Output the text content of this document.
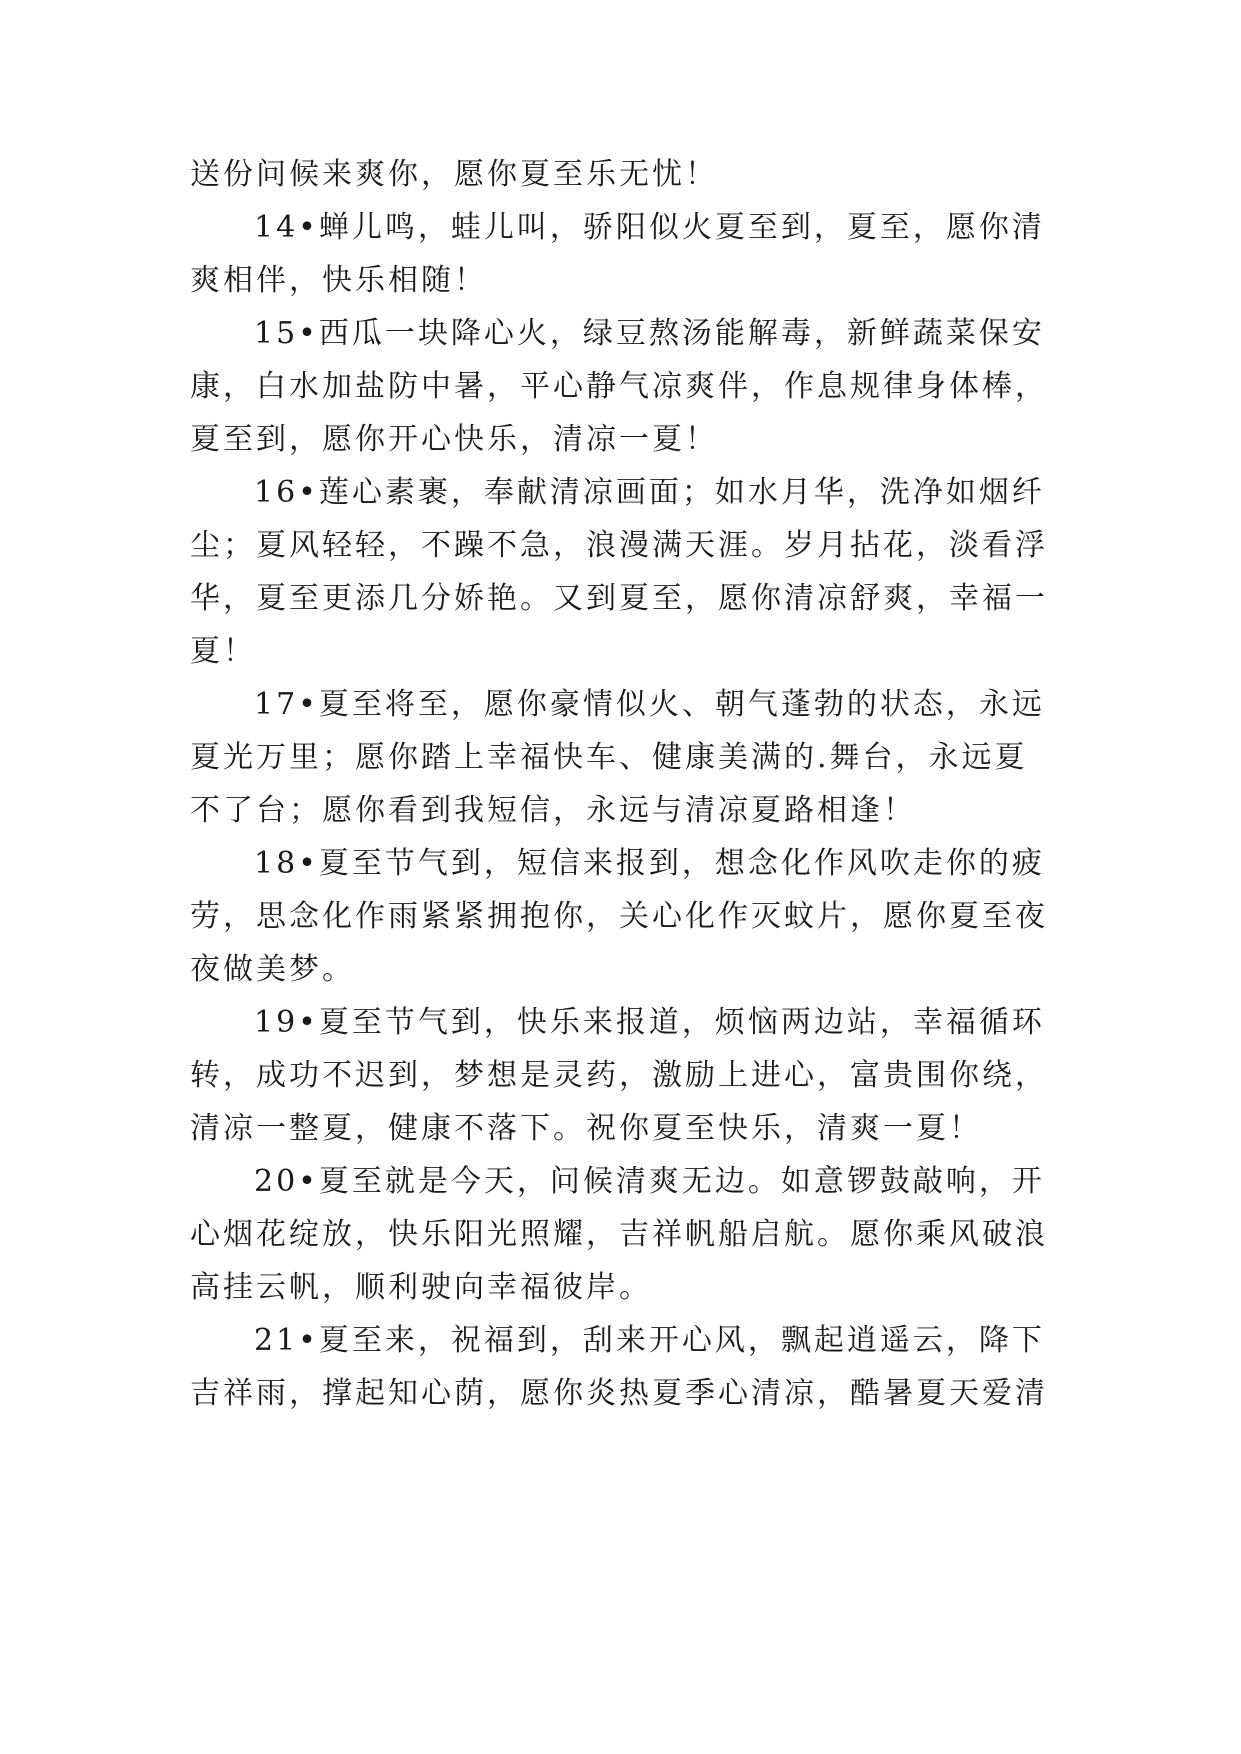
送份问候来爽你，愿你夏至乐无忧！
14•蝉儿鸣，蛙儿叫，骄阳似火夏至到，夏至，愿你清
爽相伴，快乐相随！
15•西瓜一块降心火，绿豆熬汤能解毒，新鲜蔬菜保安
康，白水加盐防中暑，平心静气凉爽伴，作息规律身体棒，
夏至到，愿你开心快乐，清凉一夏！
16•莲心素裹，奉献清凉画面；如水月华，洗净如烟纤
尘；夏风轻轻，不躁不急，浪漫满天涯。岁月拈花，淡看浮
华，夏至更添几分娇艳。又到夏至，愿你清凉舒爽，幸福一
夏！
17•夏至将至，愿你豪情似火、朝气蓬勃的状态，永远
夏光万里；愿你踏上幸福快车、健康美满的.舞台，永远夏
不了台；愿你看到我短信，永远与清凉夏路相逢！
18•夏至节气到，短信来报到，想念化作风吹走你的疲
劳，思念化作雨紧紧拥抱你，关心化作灭蚊片，愿你夏至夜
夜做美梦。
19•夏至节气到，快乐来报道，烦恼两边站，幸福循环
转，成功不迟到，梦想是灵药，激励上进心，富贵围你绕，
清凉一整夏，健康不落下。祝你夏至快乐，清爽一夏！
20•夏至就是今天，问候清爽无边。如意锣鼓敲响，开
心烟花绽放，快乐阳光照耀，吉祥帆船启航。愿你乘风破浪
高挂云帆，顺利驶向幸福彼岸。
21•夏至来，祝福到，刮来开心风，飘起逍遥云，降下
吉祥雨，撑起知心荫，愿你炎热夏季心清凉，酷暑夏天爱清
